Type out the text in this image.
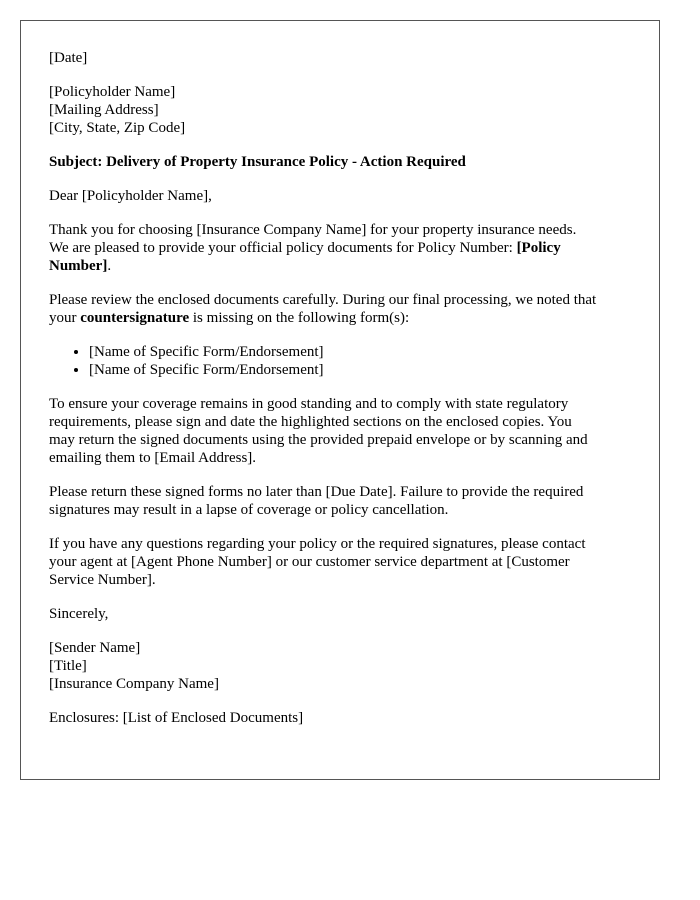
[Date]
[Policyholder Name]
[Mailing Address]
[City, State, Zip Code]

Subject: Delivery of Property Insurance Policy - Action Required

Dear [Policyholder Name],

Thank you for choosing [Insurance Company Name] for your property insurance needs.
We are pleased to provide your official policy documents for Policy Number: [Policy
Number].

Please review the enclosed documents carefully. During our final processing, we noted that
your countersignature is missing on the following form(s):

• [Name of Specific Form/Endorsement]
• [Name of Specific Form/Endorsement]

To ensure your coverage remains in good standing and to comply with state regulatory
requirements, please sign and date the highlighted sections on the enclosed copies. You
may return the signed documents using the provided prepaid envelope or by scanning and
emailing them to [Email Address].

Please return these signed forms no later than [Due Date]. Failure to provide the required
signatures may result in a lapse of coverage or policy cancellation.

If you have any questions regarding your policy or the required signatures, please contact
your agent at [Agent Phone Number] or our customer service department at [Customer
Service Number].

Sincerely,

[Sender Name]
[Title]
[Insurance Company Name]

Enclosures: [List of Enclosed Documents]
